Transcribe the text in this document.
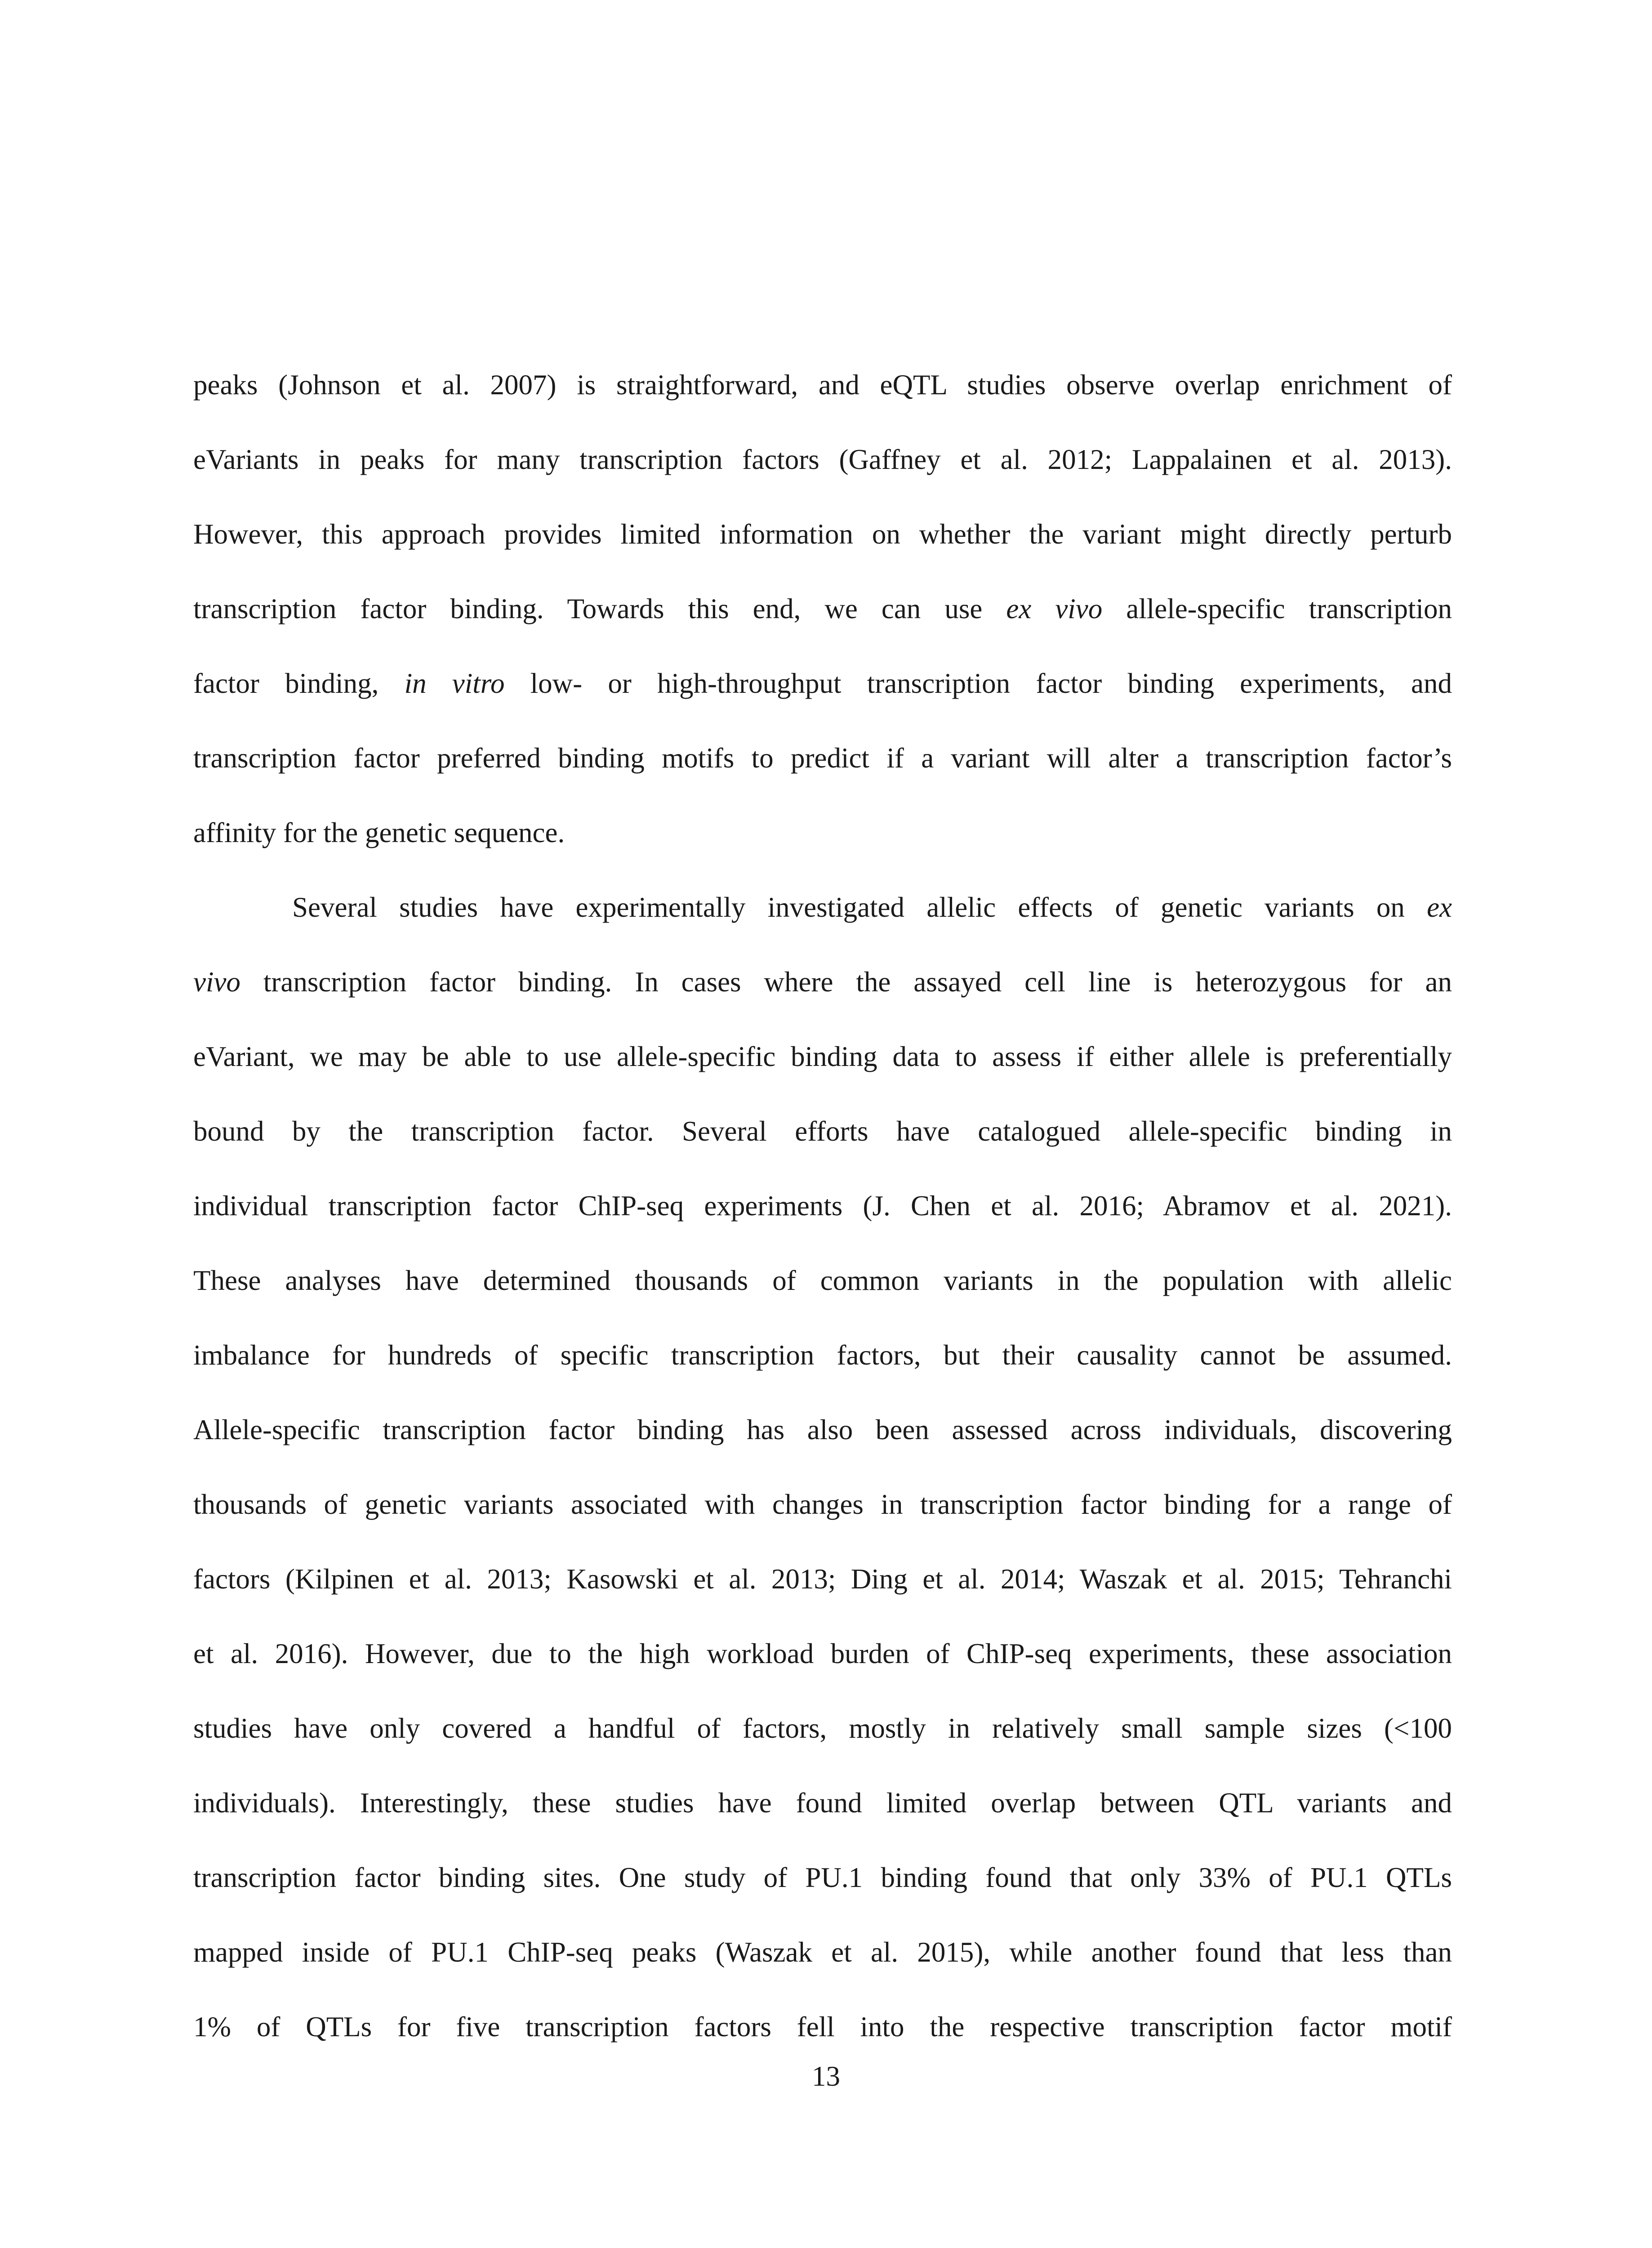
peaks (Johnson et al. 2007) is straightforward, and eQTL studies observe overlap enrichment of
eVariants in peaks for many transcription factors (Gaffney et al. 2012; Lappalainen et al. 2013).
However, this approach provides limited information on whether the variant might directly perturb
transcription factor binding. Towards this end, we can use ex vivo allele-specific transcription
factor binding, in vitro low- or high-throughput transcription factor binding experiments, and
transcription factor preferred binding motifs to predict if a variant will alter a transcription factor’s
affinity for the genetic sequence.
Several studies have experimentally investigated allelic effects of genetic variants on ex
vivo transcription factor binding. In cases where the assayed cell line is heterozygous for an
eVariant, we may be able to use allele-specific binding data to assess if either allele is preferentially
bound by the transcription factor. Several efforts have catalogued allele-specific binding in
individual transcription factor ChIP-seq experiments (J. Chen et al. 2016; Abramov et al. 2021).
These analyses have determined thousands of common variants in the population with allelic
imbalance for hundreds of specific transcription factors, but their causality cannot be assumed.
Allele-specific transcription factor binding has also been assessed across individuals, discovering
thousands of genetic variants associated with changes in transcription factor binding for a range of
factors (Kilpinen et al. 2013; Kasowski et al. 2013; Ding et al. 2014; Waszak et al. 2015; Tehranchi
et al. 2016). However, due to the high workload burden of ChIP-seq experiments, these association
studies have only covered a handful of factors, mostly in relatively small sample sizes (<100
individuals). Interestingly, these studies have found limited overlap between QTL variants and
transcription factor binding sites. One study of PU.1 binding found that only 33% of PU.1 QTLs
mapped inside of PU.1 ChIP-seq peaks (Waszak et al. 2015), while another found that less than
1% of QTLs for five transcription factors fell into the respective transcription factor motif
13
